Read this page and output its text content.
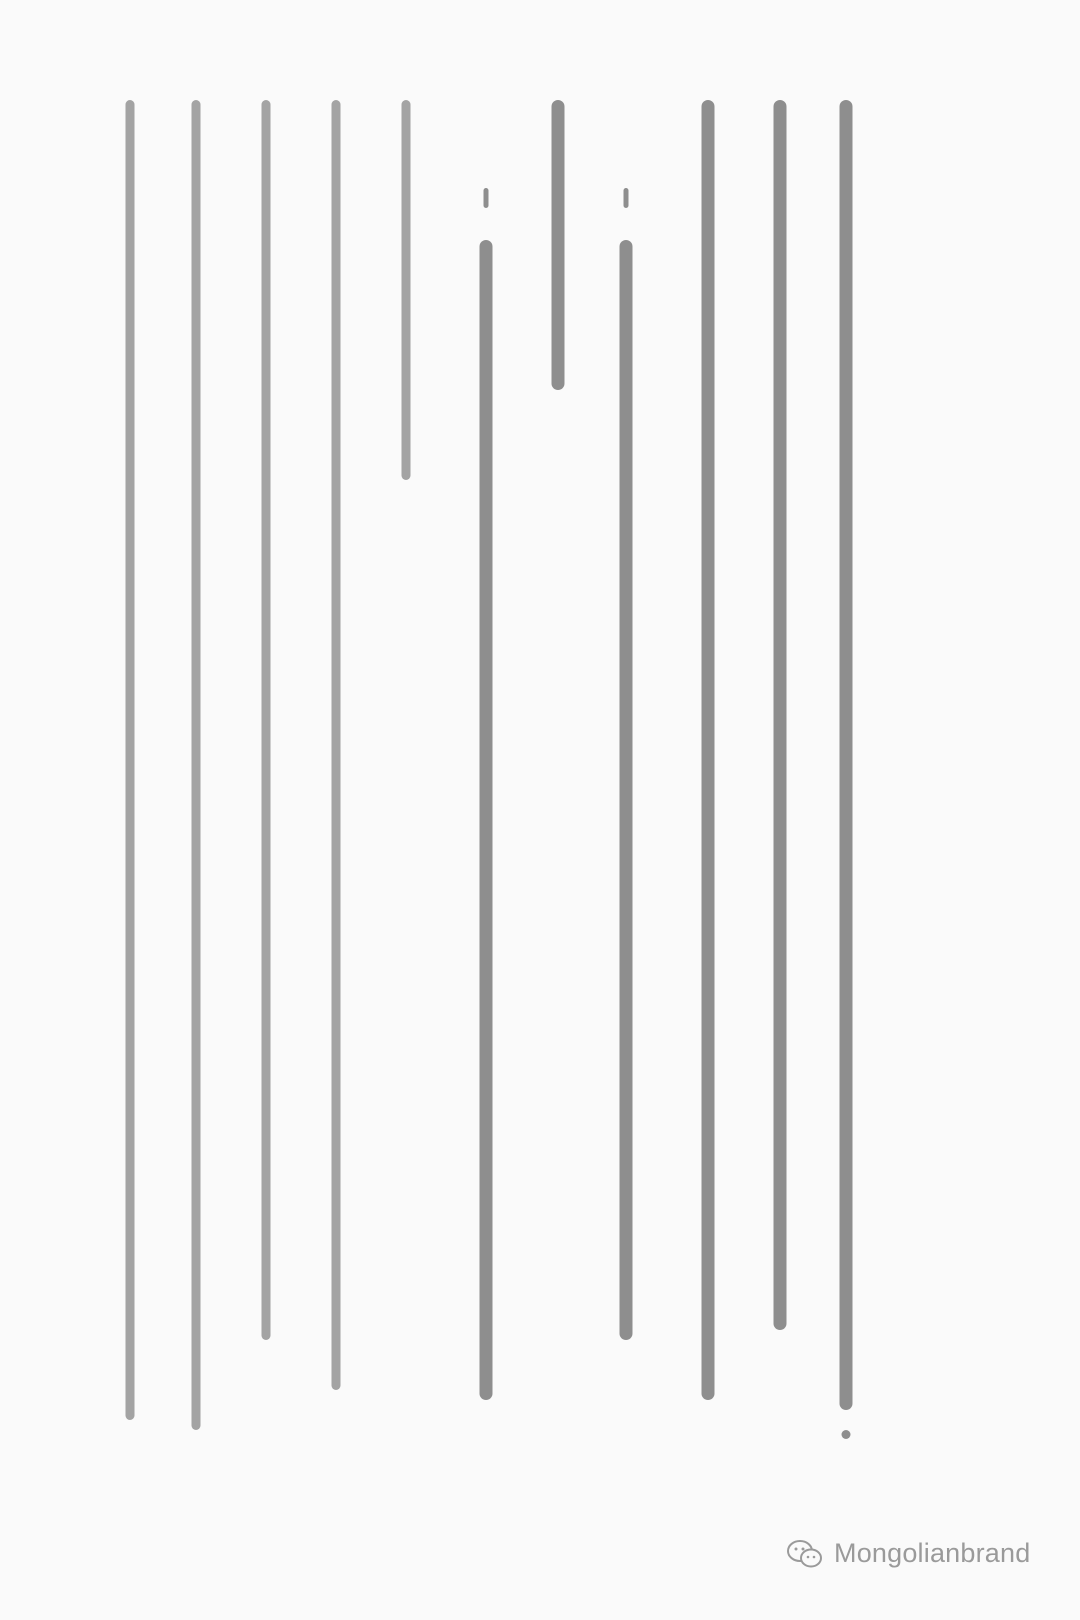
Mongolianbrand
